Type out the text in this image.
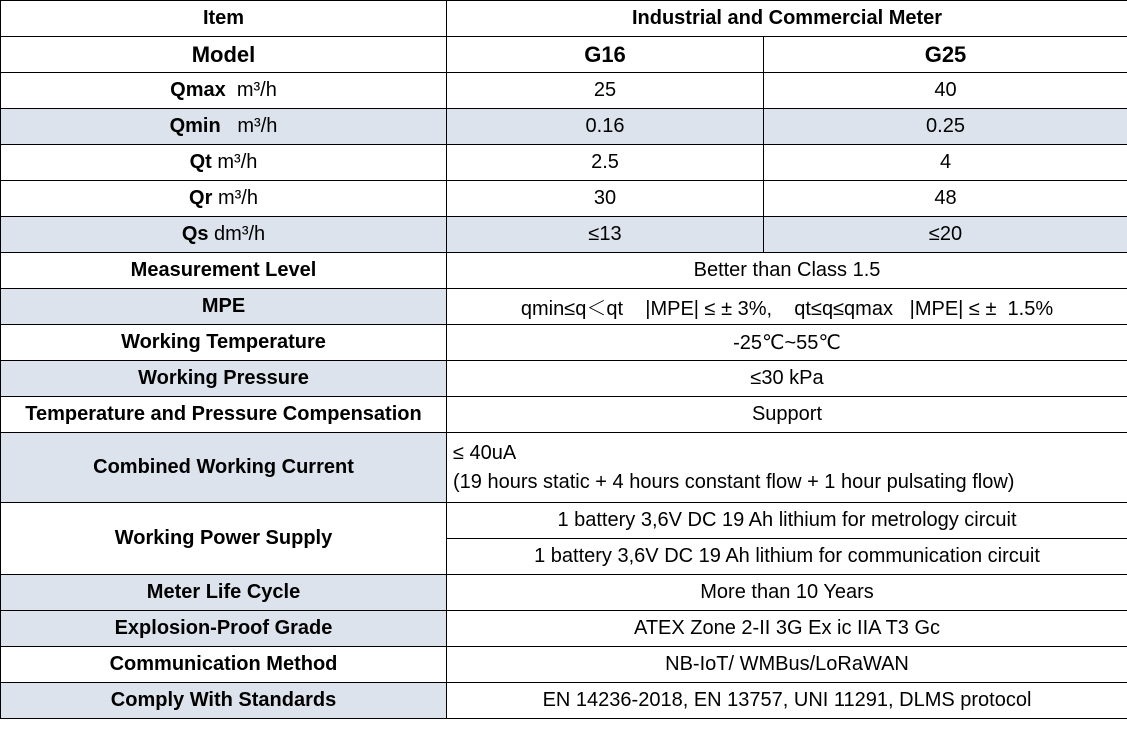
Item	Industrial and Commercial Meter	
Model	G16	G25
Qmax  m³/h	25	40
Qmin   m³/h	0.16	0.25
Qt m³/h	2.5	4
Qr m³/h	30	48
Qs dm³/h	≤13	≤20
Measurement Level	Better than Class 1.5	
MPE	qmin≤q＜qt    |MPE| ≤ ± 3%,    qt≤q≤qmax   |MPE| ≤ ±  1.5%	
Working Temperature	-25℃~55℃	
Working Pressure	≤30 kPa	
Temperature and Pressure Compensation	Support	
Combined Working Current	≤ 40uA
(19 hours static + 4 hours constant flow + 1 hour pulsating flow)	

Working Power Supply	1 battery 3,6V DC 19 Ah lithium for metrology circuit	
	1 battery 3,6V DC 19 Ah lithium for communication circuit	
Meter Life Cycle	More than 10 Years	
Explosion-Proof Grade	ATEX Zone 2-II 3G Ex ic IIA T3 Gc	
Communication Method	NB-IoT/ WMBus/LoRaWAN	
Comply With Standards	EN 14236-2018, EN 13757, UNI 11291, DLMS protocol	
